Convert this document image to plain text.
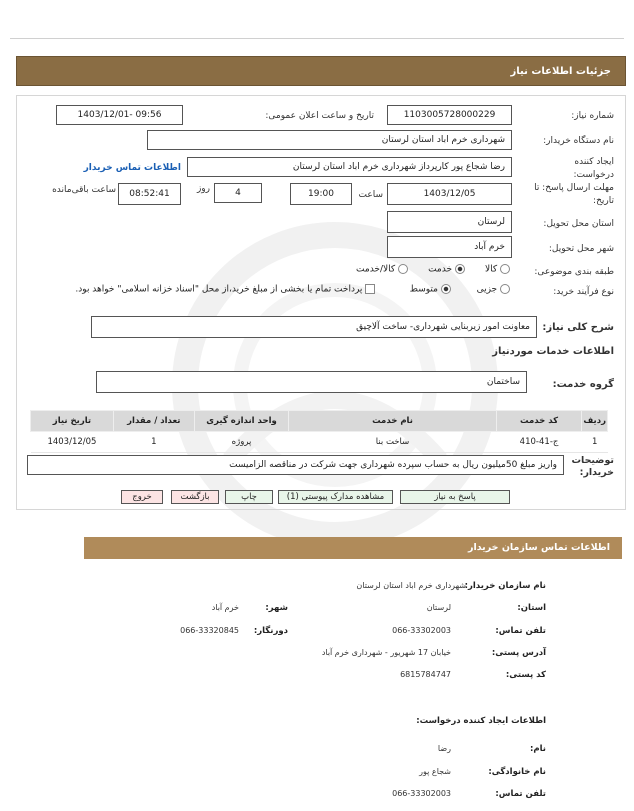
جزئیات اطلاعات نیاز
شماره نیاز:
1103005728000229
تاریخ و ساعت اعلان عمومی:
1403/12/01- 09:56
نام دستگاه خریدار:
شهرداری خرم اباد استان لرستان
ایجاد کننده
درخواست:
رضا شجاع پور کارپرداز شهرداری خرم اباد استان لرستان
اطلاعات تماس خریدار
مهلت ارسال پاسخ: تا
تاریخ:
1403/12/05
ساعت
19:00
4
روز
08:52:41
ساعت باقی‌مانده
استان محل تحویل:
لرستان
شهر محل تحویل:
خرم آباد
طبقه بندی موضوعی:
کالا        خدمت        کالا/خدمت
نوع فرآیند خرید:
جزیی          متوسط             پرداخت تمام یا بخشی از مبلغ خرید،از محل "اسناد خزانه اسلامی" خواهد بود.
شرح کلی نیاز:
معاونت امور زیربنایی شهرداری- ساخت آلاچیق
اطلاعات خدمات موردنیاز
گروه خدمت:
ساختمان
ردیف	کد خدمت	نام خدمت	واحد اندازه گیری	تعداد / مقدار	تاریخ نیاز
1	ج-41-410	ساخت بنا	پروژه	1	1403/12/05
توضیحات
خریدار:
واریز مبلغ 50میلیون ریال به حساب سپرده شهرداری جهت شرکت در مناقصه الزامیست
پاسخ به نیاز
مشاهده مدارک پیوستی (1)
چاپ
بازگشت
خروج
اطلاعات تماس سازمان خریدار
نام سازمان خریدار:
شهرداری خرم اباد استان لرستان
استان:
لرستان
شهر:
خرم آباد
تلفن تماس:
066-33302003
دورنگار:
066-33320845
آدرس پستی:
خیابان 17 شهریور - شهرداری خرم آباد
کد پستی:
6815784747
اطلاعات ایجاد کننده درخواست:
نام:
رضا
نام خانوادگی:
شجاع پور
تلفن تماس:
066-33302003
